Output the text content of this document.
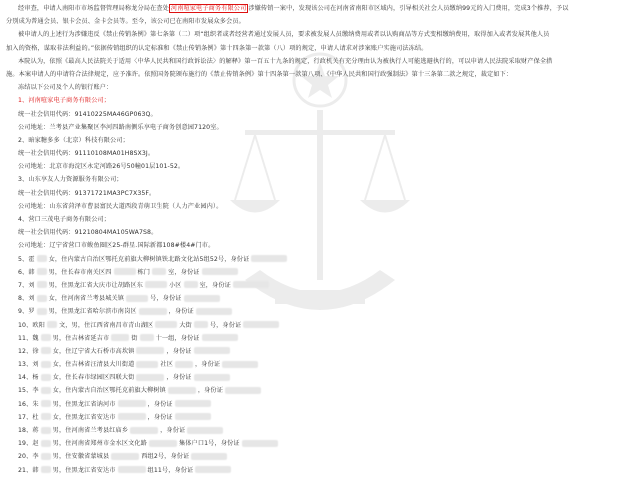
经审查，申请人南阳市市场监督管理局称龙分局在查处 河南喧家电子商务有限公司 涉嫌传销一案中，发现该公司在河南省南阳市区域内，引导相关社会人员缴纳99元的入门费用，完成3个推荐，予以
分别成为普通会员、银卡会员、金卡会员等。至今，该公司已在南阳市发展众多会员。
被申请人的上述行为涉嫌违反《禁止传销条例》第七条第（二）项“组织者或者经营者通过发展人员，要求被发展人员缴纳费用或者以认购商品等方式变相缴纳费用，取得加入或者发展其他人员
加入的资格，谋取非法利益的。”依据传销组织的认定标准和《禁止传销条例》第十四条第一款第（八）项的规定，申请人请求对涉案账户实施司法冻结。
本院认为，依照《最高人民法院关于适用〈中华人民共和国行政诉讼法〉的解释》第一百五十九条的规定，行政机关有充分理由认为被执行人可能逃避执行的，可以申请人民法院采取财产保全措
施。本案申请人的申请符合法律规定，应予准许。依照国务院颁布施行的《禁止传销条例》第十四条第一款第八项、《中华人民共和国行政强制法》第十三条第二款之规定，裁定如下：
冻结以下公司及个人的银行账户：
1、河南喧家电子商务有限公司；
统一社会信用代码：91410225MA46GP063Q。
公司地址：兰考县产业集聚区李河四路南侧乐享电子商务创意园7120室。
2、暗家糖多多（北京）科技有限公司；
统一社会信用代码：91110108MA01H8SX3J。
公司地址：北京市海淀区永定河路26号50幢01层101-52。
3、山东享友人力资源服务有限公司；
统一社会信用代码：91371721MA3PC7X35F。
公司地址：山东省菏泽市曹县富民大道西段青萌卫生院（人力产业园内）。
4、营口三茂电子商务有限公司；
统一社会信用代码：91210804MA105WA7S8。
公司地址：辽宁省营口市鲅鱼圈区25-群星.国际新都108#楼4#门市。
5、霍 女，住内蒙古自治区鄂托克前旗大柳树镇铁北路文化站5组52号，身份证
6、韩 男，住长春市南关区四	栋门	室，身份证
7、刘 男，住黑龙江省大庆市让胡路区东	小区	室，身份证
8、刘 女，住河南省兰考县城关镇	号，身份证
9、罗 男，住黑龙江省哈尔滨市南岗区	，身份证
10、欧阳 文，男，住江西省南昌市青山湖区	大街	号，身份证
11、魏 男，住吉林省延吉市	街	十一组，身份证
12、徐 女，住辽宁省大石桥市高坎镇	，身份证
13、刘 女，住吉林省汪清县大川街道	社区	，身份证
14、杨 女，住长春市绿园区四联大街	，身份证
15、李 女，住内蒙古自治区鄂托克前旗大柳树镇	，身份证
16、朱 男，住黑龙江省讷河市	，身份证
17、杜 女，住黑龙江省安达市	，身份证
18、蒋 男，住河南省兰考县红庙乡	，身份证
19、赵 男，住河南省郑州市金水区文化路	集体户口1号，身份证
20、李 男，住安徽省蒙城县	西组2号，身份证
21、韩 男，住黑龙江省安达市	组11号，身份证
